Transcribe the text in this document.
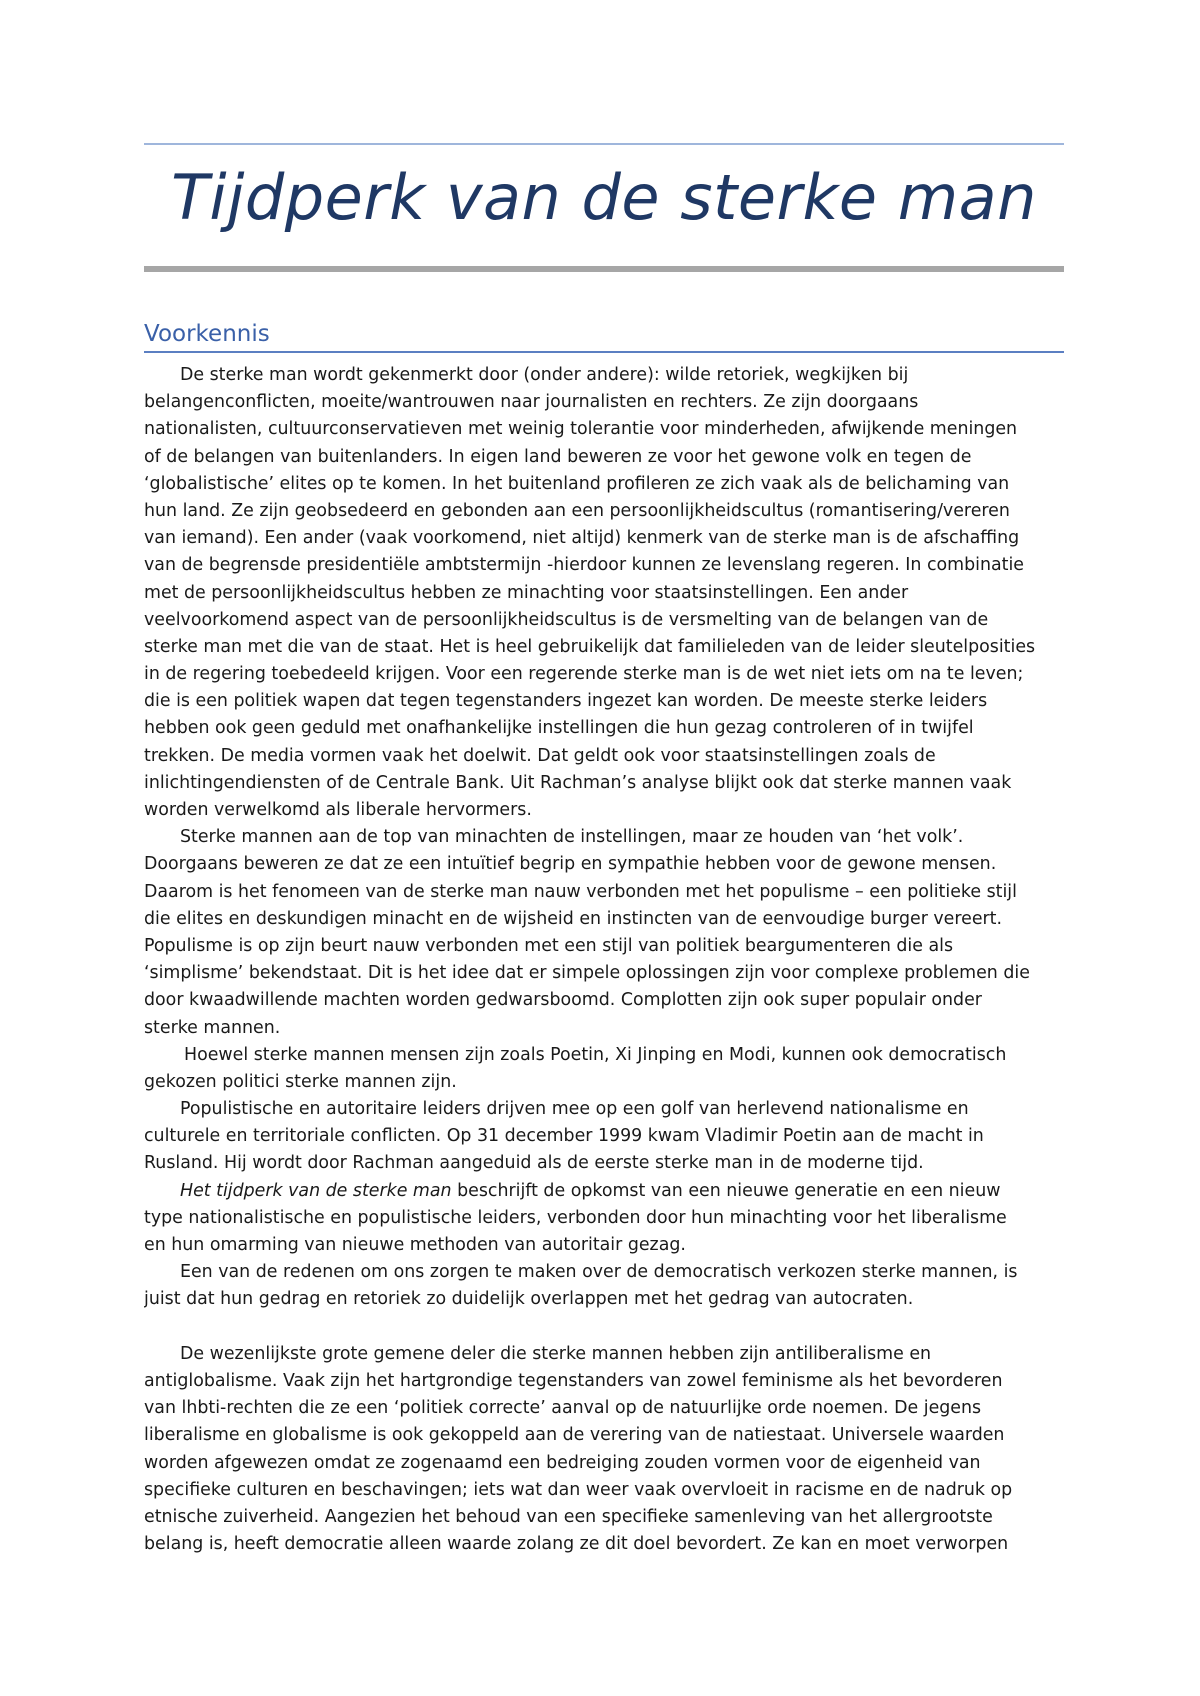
Tijdperk van de sterke man
Voorkennis
De sterke man wordt gekenmerkt door (onder andere): wilde retoriek, wegkijken bij
belangenconflicten, moeite/wantrouwen naar journalisten en rechters. Ze zijn doorgaans
nationalisten, cultuurconservatieven met weinig tolerantie voor minderheden, afwijkende meningen
of de belangen van buitenlanders. In eigen land beweren ze voor het gewone volk en tegen de
‘globalistische’ elites op te komen. In het buitenland profileren ze zich vaak als de belichaming van
hun land. Ze zijn geobsedeerd en gebonden aan een persoonlijkheidscultus (romantisering/vereren
van iemand). Een ander (vaak voorkomend, niet altijd) kenmerk van de sterke man is de afschaffing
van de begrensde presidentiële ambtstermijn -hierdoor kunnen ze levenslang regeren. In combinatie
met de persoonlijkheidscultus hebben ze minachting voor staatsinstellingen. Een ander
veelvoorkomend aspect van de persoonlijkheidscultus is de versmelting van de belangen van de
sterke man met die van de staat. Het is heel gebruikelijk dat familieleden van de leider sleutelposities
in de regering toebedeeld krijgen. Voor een regerende sterke man is de wet niet iets om na te leven;
die is een politiek wapen dat tegen tegenstanders ingezet kan worden. De meeste sterke leiders
hebben ook geen geduld met onafhankelijke instellingen die hun gezag controleren of in twijfel
trekken. De media vormen vaak het doelwit. Dat geldt ook voor staatsinstellingen zoals de
inlichtingendiensten of de Centrale Bank. Uit Rachman’s analyse blijkt ook dat sterke mannen vaak
worden verwelkomd als liberale hervormers.
Sterke mannen aan de top van minachten de instellingen, maar ze houden van ‘het volk’.
Doorgaans beweren ze dat ze een intuïtief begrip en sympathie hebben voor de gewone mensen.
Daarom is het fenomeen van de sterke man nauw verbonden met het populisme – een politieke stijl
die elites en deskundigen minacht en de wijsheid en instincten van de eenvoudige burger vereert.
Populisme is op zijn beurt nauw verbonden met een stijl van politiek beargumenteren die als
‘simplisme’ bekendstaat. Dit is het idee dat er simpele oplossingen zijn voor complexe problemen die
door kwaadwillende machten worden gedwarsboomd. Complotten zijn ook super populair onder
sterke mannen.
Hoewel sterke mannen mensen zijn zoals Poetin, Xi Jinping en Modi, kunnen ook democratisch
gekozen politici sterke mannen zijn.
Populistische en autoritaire leiders drijven mee op een golf van herlevend nationalisme en
culturele en territoriale conflicten. Op 31 december 1999 kwam Vladimir Poetin aan de macht in
Rusland. Hij wordt door Rachman aangeduid als de eerste sterke man in de moderne tijd.
Het tijdperk van de sterke man beschrijft de opkomst van een nieuwe generatie en een nieuw
type nationalistische en populistische leiders, verbonden door hun minachting voor het liberalisme
en hun omarming van nieuwe methoden van autoritair gezag.
Een van de redenen om ons zorgen te maken over de democratisch verkozen sterke mannen, is
juist dat hun gedrag en retoriek zo duidelijk overlappen met het gedrag van autocraten.
De wezenlijkste grote gemene deler die sterke mannen hebben zijn antiliberalisme en
antiglobalisme. Vaak zijn het hartgrondige tegenstanders van zowel feminisme als het bevorderen
van lhbti-rechten die ze een ‘politiek correcte’ aanval op de natuurlijke orde noemen. De jegens
liberalisme en globalisme is ook gekoppeld aan de verering van de natiestaat. Universele waarden
worden afgewezen omdat ze zogenaamd een bedreiging zouden vormen voor de eigenheid van
specifieke culturen en beschavingen; iets wat dan weer vaak overvloeit in racisme en de nadruk op
etnische zuiverheid. Aangezien het behoud van een specifieke samenleving van het allergrootste
belang is, heeft democratie alleen waarde zolang ze dit doel bevordert. Ze kan en moet verworpen
